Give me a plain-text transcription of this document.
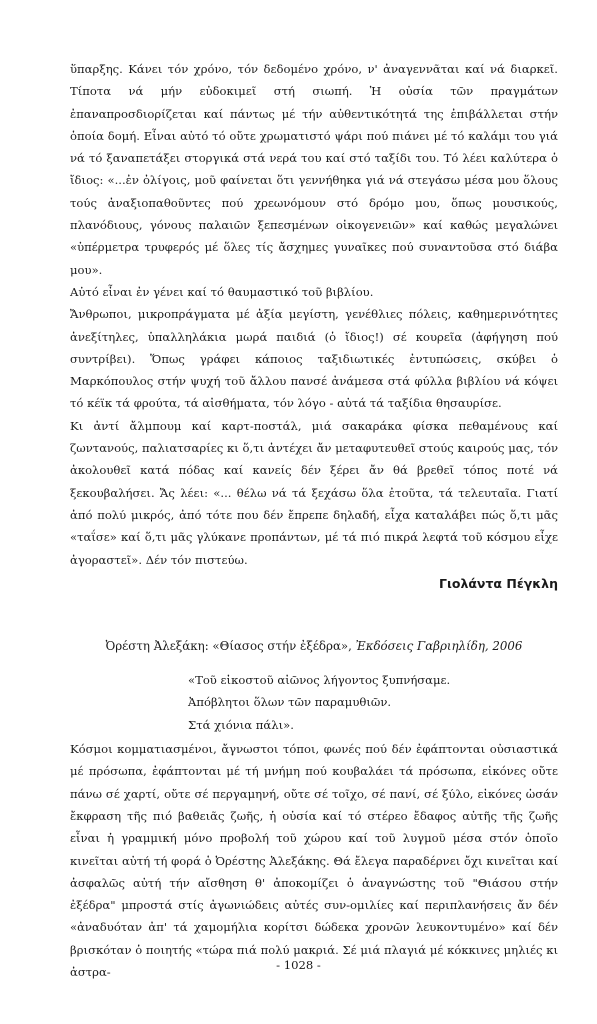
ὕπαρξης. Κάνει τόν χρόνο, τόν δεδομένο χρόνο, ν' ἀναγεννᾶται καί νά διαρκεῖ. Τίποτα νά μήν εὐδοκιμεῖ στή σιωπή. Ἡ οὐσία τῶν πραγμάτων ἐπαναπροσδιορίζεται καί πάντως μέ τήν αὐθεντικότητά της ἐπιβάλλεται στήν ὁποία δομή. Εἶναι αὐτό τό οὔτε χρωματιστό ψάρι πού πιάνει μέ τό καλάμι του γιά νά τό ξαναπετάξει στοργικά στά νερά του καί στό ταξίδι του. Τό λέει καλύτερα ὁ ἴδιος: «...ἐν ὀλίγοις, μοῦ φαίνεται ὅτι γεννήθηκα γιά νά στεγάσω μέσα μου ὅλους τούς ἀναξιοπαθοῦντες πού χρεωνόμουν στό δρόμο μου, ὅπως μουσικούς, πλανόδιους, γόνους παλαιῶν ξεπεσμένων οἰκογενειῶν» καί καθώς μεγαλώνει «ὑπέρμετρα τρυφερός μέ ὅλες τίς ἄσχημες γυναῖκες πού συναντοῦσα στό διάβα μου».

Αὐτό εἶναι ἐν γένει καί τό θαυμαστικό τοῦ βιβλίου.

Ἄνθρωποι, μικροπράγματα μέ ἀξία μεγίστη, γενέθλιες πόλεις, καθημερινότητες ἀνεξίτηλες, ὑπαλληλάκια μωρά παιδιά (ὁ ἴδιος!) σέ κουρεῖα (ἀφήγηση πού συντρίβει). Ὅπως γράφει κάποιος ταξιδιωτικές ἐντυπώσεις, σκύβει ὁ Μαρκόπουλος στήν ψυχή τοῦ ἄλλου πανσέ ἀνάμεσα στά φύλλα βιβλίου νά κόψει τό κέϊκ τά φρούτα, τά αἰσθήματα, τόν λόγο - αὐτά τά ταξίδια θησαυρίσε.

Κι ἀντί ἄλμπουμ καί καρτ-ποστάλ, μιά σακαράκα φίσκα πεθαμένους καί ζωντανούς, παλιατσαρίες κι ὅ,τι ἀντέχει ἄν μεταφυτευθεῖ στούς καιρούς μας, τόν ἀκολουθεῖ κατά πόδας καί κανείς δέν ξέρει ἄν θά βρεθεῖ τόπος ποτέ νά ξεκουβαλήσει. Ἄς λέει: «... θέλω νά τά ξεχάσω ὅλα ἐτοῦτα, τά τελευταῖα. Γιατί ἀπό πολύ μικρός, ἀπό τότε που δέν ἔπρεπε δηλαδή, εἶχα καταλάβει πώς ὅ,τι μᾶς «ταΐσε» καί ὅ,τι μᾶς γλύκανε προπάντων, μέ τά πιό πικρά λεφτά τοῦ κόσμου εἶχε ἀγοραστεῖ». Δέν τόν πιστεύω.

Γιολάντα Πέγκλη
Ὀρέστη Ἀλεξάκη: «Θίασος στήν ἐξέδρα», Ἐκδόσεις Γαβριηλίδη, 2006
«Τοῦ εἰκοστοῦ αἰῶνος λήγοντος ξυπνήσαμε.
Ἀπόβλητοι ὅλων τῶν παραμυθιῶν.
Στά χιόνια πάλι».

Κόσμοι κομματιασμένοι, ἄγνωστοι τόποι, φωνές πού δέν ἐφάπτονται οὐσιαστικά μέ πρόσωπα, ἐφάπτονται μέ τή μνήμη πού κουβαλάει τά πρόσωπα, εἰκόνες οὔτε πάνω σέ χαρτί, οὔτε σέ περγαμηνή, οὔτε σέ τοῖχο, σέ πανί, σέ ξύλο, εἰκόνες ὡσάν ἔκφραση τῆς πιό βαθειᾶς ζωῆς, ἡ οὐσία καί τό στέρεο ἔδαφος αὐτῆς τῆς ζωῆς εἶναι ἡ γραμμική μόνο προβολή τοῦ χώρου καί τοῦ λυγμοῦ μέσα στόν ὁποῖο κινεῖται αὐτή τή φορά ὁ Ὀρέστης Ἀλεξάκης. Θά ἔλεγα παραδέρνει ὄχι κινεῖται καί ἀσφαλῶς αὐτή τήν αἴσθηση θ' ἀποκομίζει ὁ ἀναγνώστης τοῦ "Θιάσου στήν ἐξέδρα" μπροστά στίς ἀγωνιώδεις αὐτές συν-ομιλίες καί περιπλανήσεις ἄν δέν «ἀναδυόταν ἀπ' τά χαμομήλια κορίτσι δώδεκα χρονῶν λευκοντυμένο» καί δέν βρισκόταν ὁ ποιητής «τώρα πιά πολύ μακριά. Σέ μιά πλαγιά μέ κόκκινες μηλιές κι ἀστρα-	- 1028 -
